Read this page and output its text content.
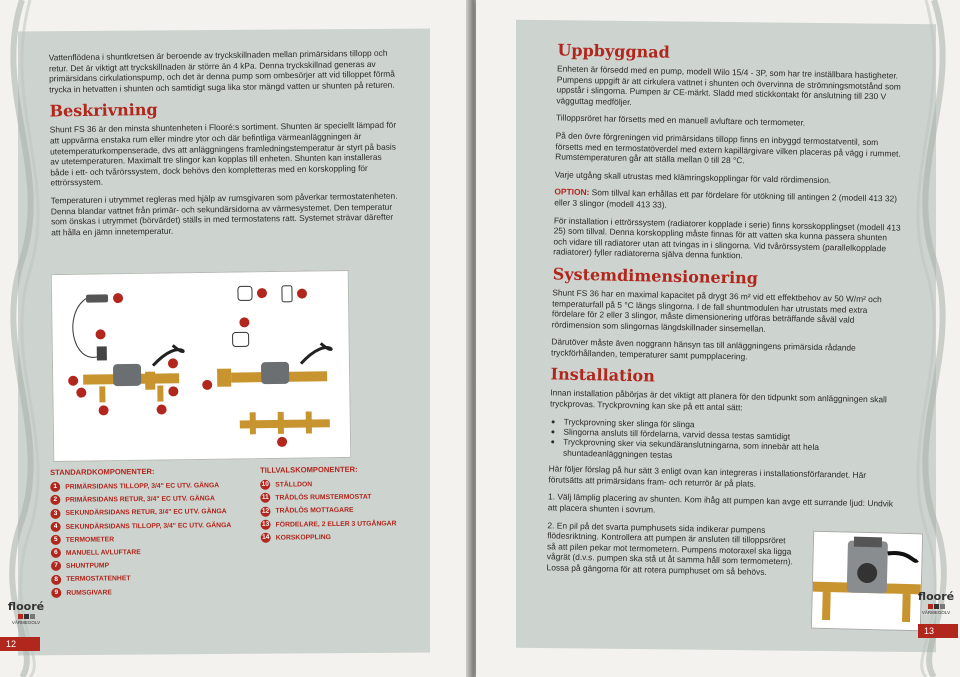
Vattenflödena i shuntkretsen är beroende av tryckskillnaden mellan primärsidans tillopp och retur. Det är viktigt att tryckskillnaden är större än 4 kPa. Denna tryckskillnad generas av primärsidans cirkulationspump, och det är denna pump som ombesörjer att vid tilloppet förmå trycka in hetvatten i shunten och samtidigt suga lika stor mängd vatten ur shunten på returen.

Beskrivning

Shunt FS 36 är den minsta shuntenheten i Flooré:s sortiment. Shunten är speciellt lämpad för att uppvärma enstaka rum eller mindre ytor och där befintliga värmeanläggningen är utetemperaturkompenserade, dvs att anläggningens framledningstemperatur är styrt på basis av utetemperaturen. Maximalt tre slingor kan kopplas till enheten. Shunten kan installeras både i ett- och tvårörssystem, dock behövs den kompletteras med en korskoppling för ettrörssystem.

Temperaturen i utrymmet regleras med hjälp av rumsgivaren som påverkar termostatenheten. Denna blandar vattnet från primär- och sekundärsidorna av värmesystemet. Den temperatur som önskas i utrymmet (börvärdet) ställs in med termostatens ratt. Systemet strävar därefter att hålla en jämn innetemperatur.

STANDARDKOMPONENTER:
1 PRIMÄRSIDANS TILLOPP, 3/4" EC UTV. GÄNGA
2 PRIMÄRSIDANS RETUR, 3/4" EC UTV. GÄNGA
3 SEKUNDÄRSIDANS RETUR, 3/4" EC UTV. GÄNGA
4 SEKUNDÄRSIDANS TILLOPP, 3/4" EC UTV. GÄNGA
5 TERMOMETER
6 MANUELL AVLUFTARE
7 SHUNTPUMP
8 TERMOSTATENHET
9 RUMSGIVARE
TILLVALSKOMPONENTER:
10 STÄLLDON
11 TRÅDLÖS RUMSTERMOSTAT
12 TRÅDLÖS MOTTAGARE
13 FÖRDELARE, 2 ELLER 3 UTGÅNGAR
14 KORSKOPPLING
flooré
VÄRMEGOLV
12
Uppbyggnad

Enheten är försedd med en pump, modell Wilo 15/4 - 3P, som har tre inställbara hastigheter. Pumpens uppgift är att cirkulera vattnet i shunten och övervinna de strömningsmotstånd som uppstår i slingorna. Pumpen är CE-märkt. Sladd med stickkontakt för anslutning till 230 V vägguttag medföljer.

Tilloppsröret har försetts med en manuell avluftare och termometer.

På den övre förgreningen vid primärsidans tillopp finns en inbyggd termostatventil, som försetts med en termostatöverdel med extern kapillärgivare vilken placeras på vägg i rummet. Rumstemperaturen går att ställa mellan 0 till 28 °C.

Varje utgång skall utrustas med klämringskopplingar för vald rördimension.

OPTION: Som tillval kan erhållas ett par fördelare för utökning till antingen 2 (modell 413 32) eller 3 slingor (modell 413 33).

För installation i ettrörssystem (radiatorer kopplade i serie) finns korsskopplingset (modell 413 25) som tillval. Denna korskoppling måste finnas för att vatten ska kunna passera shunten och vidare till radiatorer utan att tvingas in i slingorna. Vid tvårörssystem (parallelkopplade radiatorer) fyller radiatorerna själva denna funktion.

Systemdimensionering

Shunt FS 36 har en maximal kapacitet på drygt 36 m² vid ett effektbehov av 50 W/m² och temperaturfall på 5 °C längs slingorna. I de fall shuntmodulen har utrustats med extra fördelare för 2 eller 3 slingor, måste dimensionering utföras beträffande såväl vald rördimension som slingornas längdskillnader sinsemellan.

Därutöver måste även noggrann hänsyn tas till anläggningens primärsida rådande tryckförhållanden, temperaturer samt pumpplacering.

Installation

Innan installation påbörjas är det viktigt att planera för den tidpunkt som anläggningen skall tryckprovas. Tryckprovning kan ske på ett antal sätt:

• Tryckprovning sker slinga för slinga
• Slingorna ansluts till fördelarna, varvid dessa testas samtidigt
• Tryckprovning sker via sekundäranslutningarna, som innebär att hela shuntadeanläggningen testas

Här följer förslag på hur sätt 3 enligt ovan kan integreras i installationsförfarandet. Här förutsätts att primärsidans fram- och returrör är på plats.

1. Välj lämplig placering av shunten. Kom ihåg att pumpen kan avge ett surrande ljud: Undvik att placera shunten i sovrum.

2. En pil på det svarta pumphusets sida indikerar pumpens flödesriktning. Kontrollera att pumpen är ansluten till tilloppsröret så att pilen pekar mot termometern. Pumpens motoraxel ska ligga vågrät (d.v.s. pumpen ska stå ut åt samma håll som termometern). Lossa på gängorna för att rotera pumphuset om så behövs.

flooré
VÄRMEGOLV
13
